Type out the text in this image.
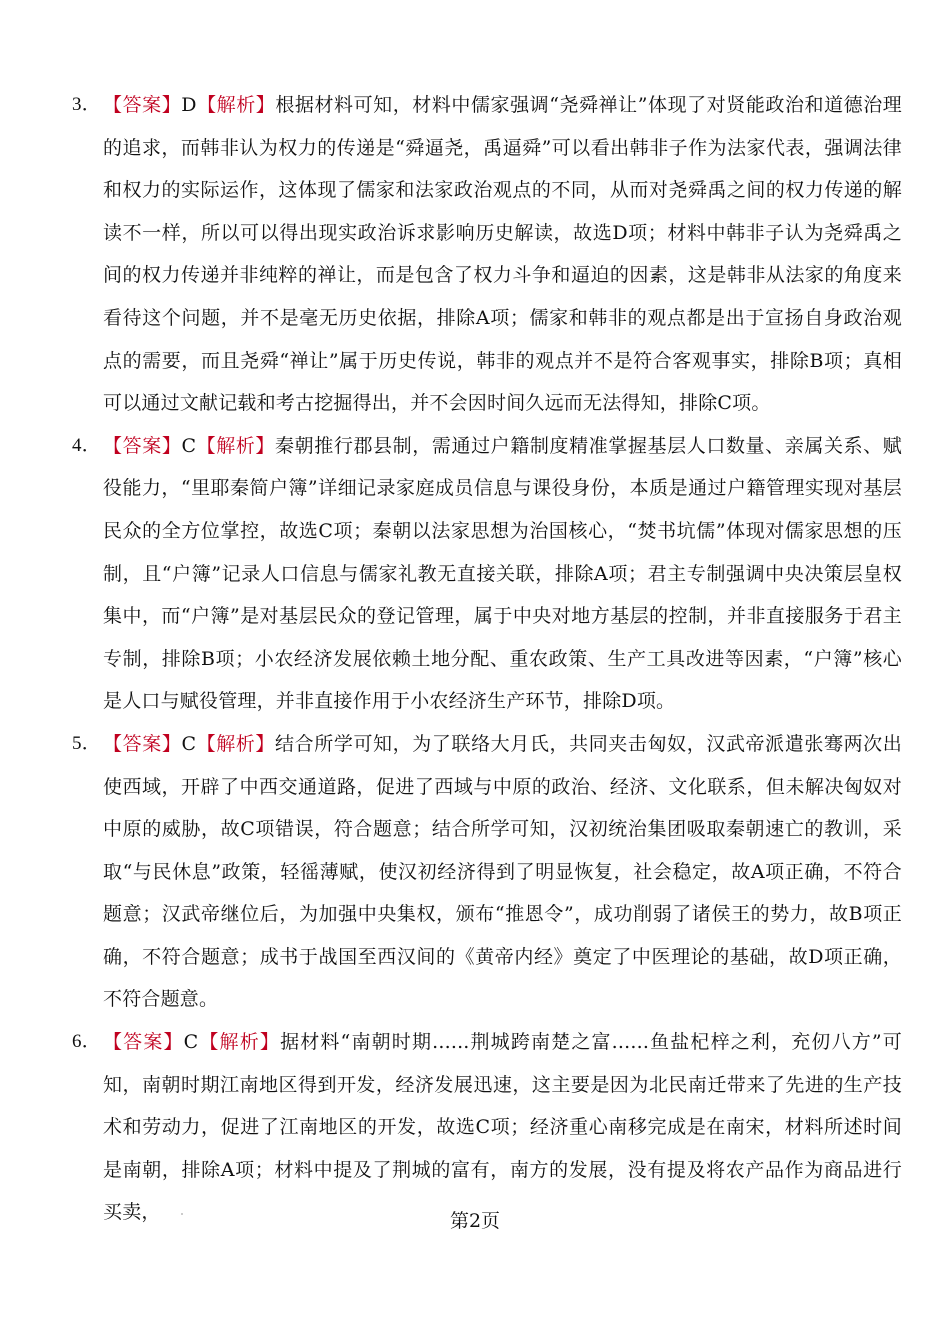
3． 【答案】D【解析】根据材料可知，材料中儒家强调“尧舜禅让”体现了对贤能政治和道德治理的追求，而韩非认为权力的传递是“舜逼尧，禹逼舜”可以看出韩非子作为法家代表，强调法律和权力的实际运作，这体现了儒家和法家政治观点的不同，从而对尧舜禹之间的权力传递的解读不一样，所以可以得出现实政治诉求影响历史解读，故选D项；材料中韩非子认为尧舜禹之间的权力传递并非纯粹的禅让，而是包含了权力斗争和逼迫的因素，这是韩非从法家的角度来看待这个问题，并不是毫无历史依据，排除A项；儒家和韩非的观点都是出于宣扬自身政治观点的需要，而且尧舜“禅让”属于历史传说，韩非的观点并不是符合客观事实，排除B项；真相可以通过文献记载和考古挖掘得出，并不会因时间久远而无法得知，排除C项。
4． 【答案】C【解析】秦朝推行郡县制，需通过户籍制度精准掌握基层人口数量、亲属关系、赋役能力，“里耶秦简户簿”详细记录家庭成员信息与课役身份，本质是通过户籍管理实现对基层民众的全方位掌控，故选C项；秦朝以法家思想为治国核心，“焚书坑儒”体现对儒家思想的压制，且“户簿”记录人口信息与儒家礼教无直接关联，排除A项；君主专制强调中央决策层皇权集中，而“户簿”是对基层民众的登记管理，属于中央对地方基层的控制，并非直接服务于君主专制，排除B项；小农经济发展依赖土地分配、重农政策、生产工具改进等因素，“户簿”核心是人口与赋役管理，并非直接作用于小农经济生产环节，排除D项。
5． 【答案】C【解析】结合所学可知，为了联络大月氏，共同夹击匈奴，汉武帝派遣张骞两次出使西域，开辟了中西交通道路，促进了西域与中原的政治、经济、文化联系，但未解决匈奴对中原的威胁，故C项错误，符合题意；结合所学可知，汉初统治集团吸取秦朝速亡的教训，采取“与民休息”政策，轻徭薄赋，使汉初经济得到了明显恢复，社会稳定，故A项正确，不符合题意；汉武帝继位后，为加强中央集权，颁布“推恩令”，成功削弱了诸侯王的势力，故B项正确，不符合题意；成书于战国至西汉间的《黄帝内经》奠定了中医理论的基础，故D项正确，不符合题意。
6． 【答案】C【解析】据材料“南朝时期......荆城跨南楚之富......鱼盐杞梓之利，充仞八方”可知，南朝时期江南地区得到开发，经济发展迅速，这主要是因为北民南迁带来了先进的生产技术和劳动力，促进了江南地区的开发，故选C项；经济重心南移完成是在南宋，材料所述时间是南朝，排除A项；材料中提及了荆城的富有，南方的发展，没有提及将农产品作为商品进行买卖，	第2页
